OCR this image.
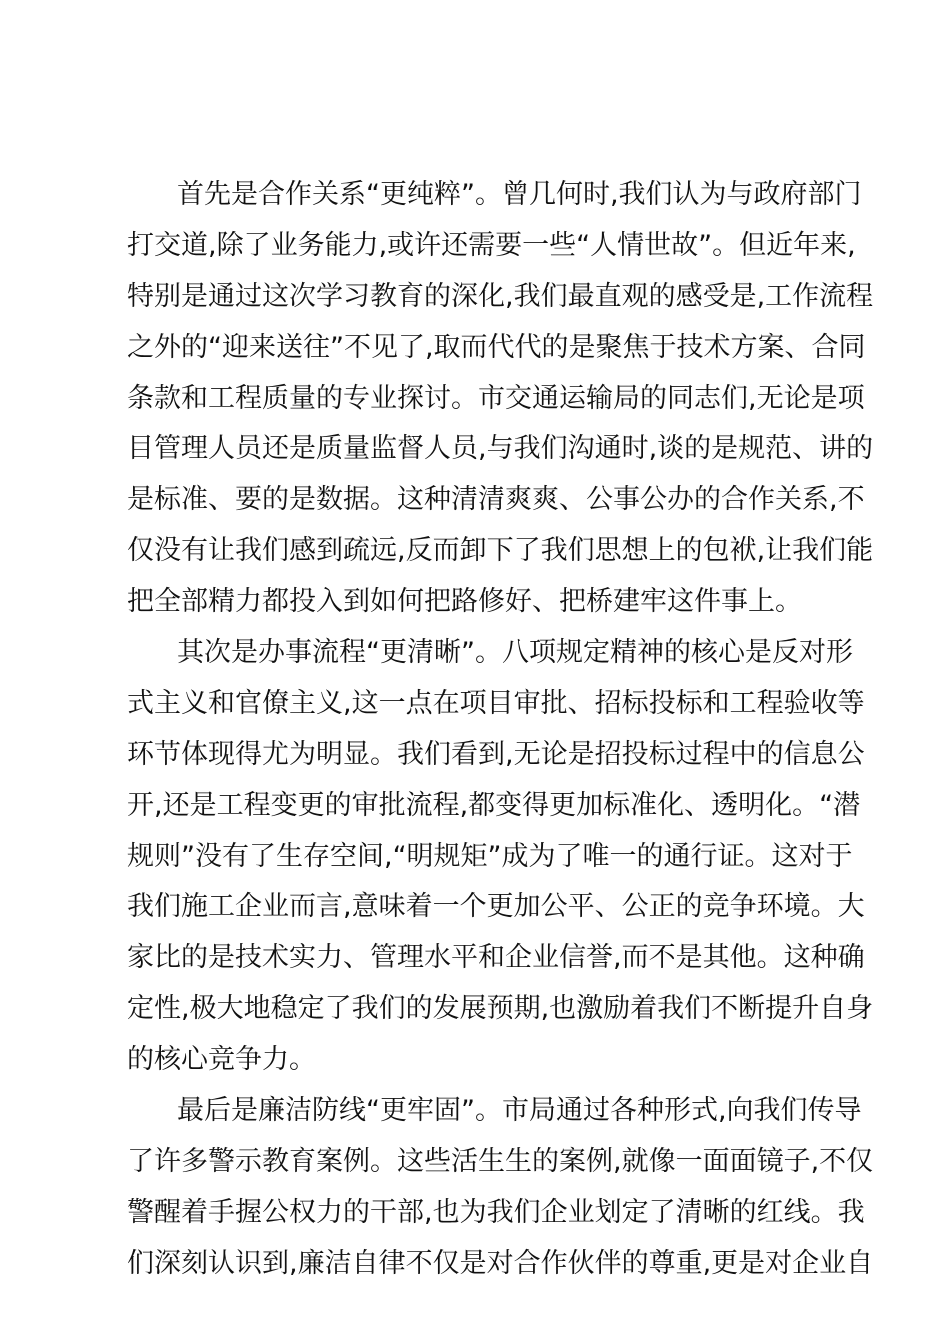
首先是合作关系“更纯粹”。曾几何时,我们认为与政府部门
打交道,除了业务能力,或许还需要一些“人情世故”。但近年来,
特别是通过这次学习教育的深化,我们最直观的感受是,工作流程
之外的“迎来送往”不见了,取而代代的是聚焦于技术方案、合同
条款和工程质量的专业探讨。市交通运输局的同志们,无论是项
目管理人员还是质量监督人员,与我们沟通时,谈的是规范、讲的
是标准、要的是数据。这种清清爽爽、公事公办的合作关系,不
仅没有让我们感到疏远,反而卸下了我们思想上的包袱,让我们能
把全部精力都投入到如何把路修好、把桥建牢这件事上。
其次是办事流程“更清晰”。八项规定精神的核心是反对形
式主义和官僚主义,这一点在项目审批、招标投标和工程验收等
环节体现得尤为明显。我们看到,无论是招投标过程中的信息公
开,还是工程变更的审批流程,都变得更加标准化、透明化。“潜
规则”没有了生存空间,“明规矩”成为了唯一的通行证。这对于
我们施工企业而言,意味着一个更加公平、公正的竞争环境。大
家比的是技术实力、管理水平和企业信誉,而不是其他。这种确
定性,极大地稳定了我们的发展预期,也激励着我们不断提升自身
的核心竞争力。
最后是廉洁防线“更牢固”。市局通过各种形式,向我们传导
了许多警示教育案例。这些活生生的案例,就像一面面镜子,不仅
警醒着手握公权力的干部,也为我们企业划定了清晰的红线。我
们深刻认识到,廉洁自律不仅是对合作伙伴的尊重,更是对企业自
